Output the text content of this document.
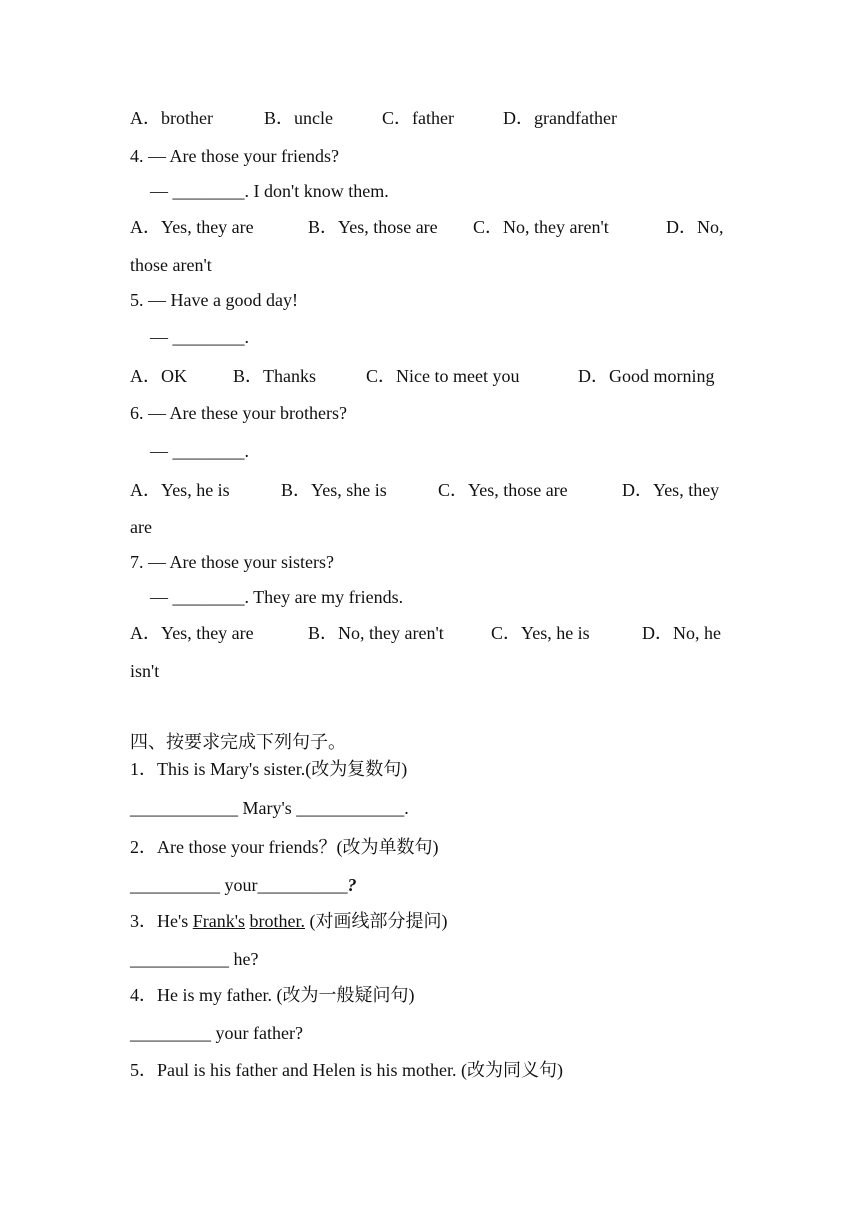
A．brother	B．uncle	C．father	D．grandfather
4. — Are those your friends?
— ________. I don't know them.
A．Yes, they are	B．Yes, those are C．No, they aren't	D．No,
those aren't
5. — Have a good day!
— ________.
A．OK	B．Thanks	C．Nice to meet you	D．Good morning
6. — Are these your brothers?
— ________.
A．Yes, he is	B．Yes, she is	C．Yes, those are	D．Yes, they
are
7. — Are those your sisters?
— ________. They are my friends.
A．Yes, they are	B．No, they aren't	C．Yes, he is	D．No, he
isn't
四、按要求完成下列句子。
1．This is Mary's sister.(改为复数句)
____________ Mary's ____________.
2．Are those your friends？(改为单数句)
__________ your__________?
3．He's Frank's brother. (对画线部分提问)
___________ he?
4．He is my father. (改为一般疑问句)
_________ your father?
5．Paul is his father and Helen is his mother. (改为同义句)
